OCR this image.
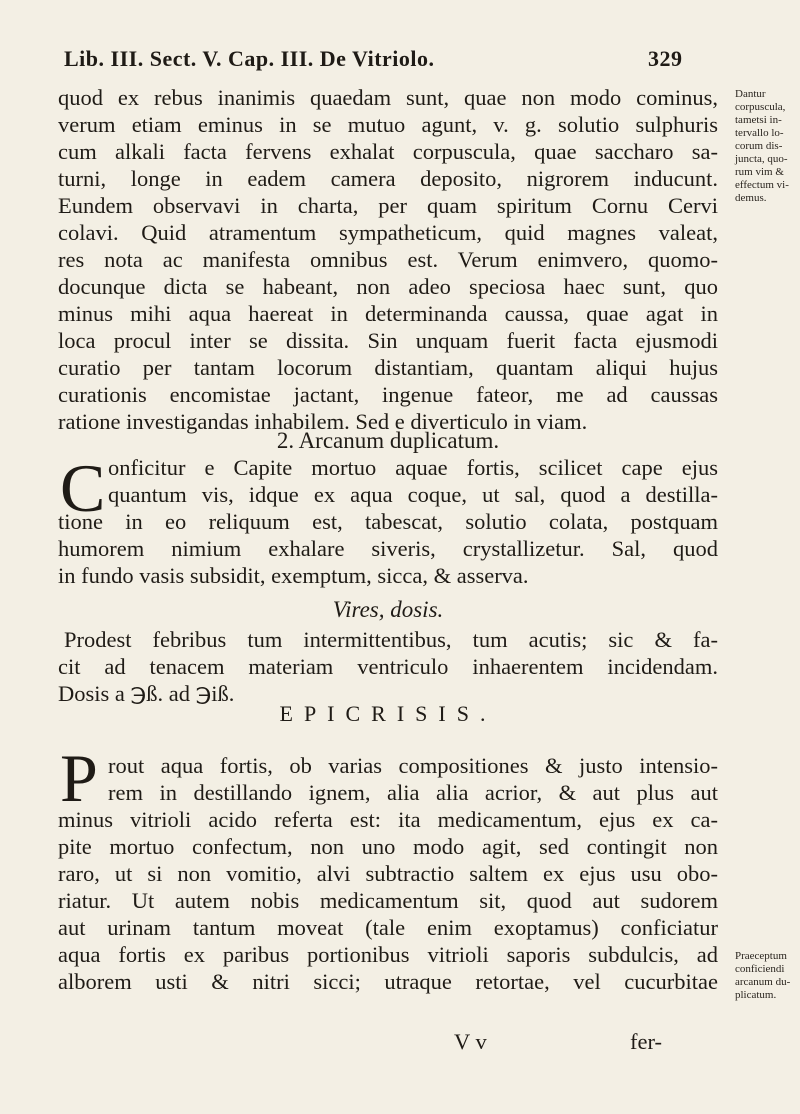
Lib. III. Sect. V. Cap. III. De Vitriolo.	329
Dantur
corpuscula,
tametsi in-
tervallo lo-
corum dis-
juncta, quo-
rum vim &
effectum vi-
demus.
Praeceptum
conficiendi
arcanum du-
plicatum.
quod ex rebus inanimis quaedam sunt, quae non modo cominus,
verum etiam eminus in se mutuo agunt, v. g. solutio sulphuris
cum alkali facta fervens exhalat corpuscula, quae saccharo sa-
turni, longe in eadem camera deposito, nigrorem inducunt.
Eundem observavi in charta, per quam spiritum Cornu Cervi
colavi. Quid atramentum sympatheticum, quid magnes valeat,
res nota ac manifesta omnibus est. Verum enimvero, quomo-
docunque dicta se habeant, non adeo speciosa haec sunt, quo
minus mihi aqua haereat in determinanda caussa, quae agat in
loca procul inter se dissita. Sin unquam fuerit facta ejusmodi
curatio per tantam locorum distantiam, quantam aliqui hujus
curationis encomistae jactant, ingenue fateor, me ad caussas
ratione investigandas inhabilem. Sed e diverticulo in viam.
2. Arcanum duplicatum.
C onficitur e Capite mortuo aquae fortis, scilicet cape ejus
quantum vis, idque ex aqua coque, ut sal, quod a destilla-
tione in eo reliquum est, tabescat, solutio colata, postquam
humorem nimium exhalare siveris, crystallizetur. Sal, quod
in fundo vasis subsidit, exemptum, sicca, & asserva.
Vires, dosis.
Prodest febribus tum intermittentibus, tum acutis; sic & fa-
cit ad tenacem materiam ventriculo inhaerentem incidendam.
Dosis a ℈ß. ad ℈iß.
EPICRISIS.
P rout aqua fortis, ob varias compositiones & justo intensio-
rem in destillando ignem, alia alia acrior, & aut plus aut
minus vitrioli acido referta est: ita medicamentum, ejus ex ca-
pite mortuo confectum, non uno modo agit, sed contingit non
raro, ut si non vomitio, alvi subtractio saltem ex ejus usu obo-
riatur. Ut autem nobis medicamentum sit, quod aut sudorem
aut urinam tantum moveat (tale enim exoptamus) conficiatur
aqua fortis ex paribus portionibus vitrioli saporis subdulcis, ad
alborem usti & nitri sicci; utraque retortae, vel cucurbitae
V v	fer-
